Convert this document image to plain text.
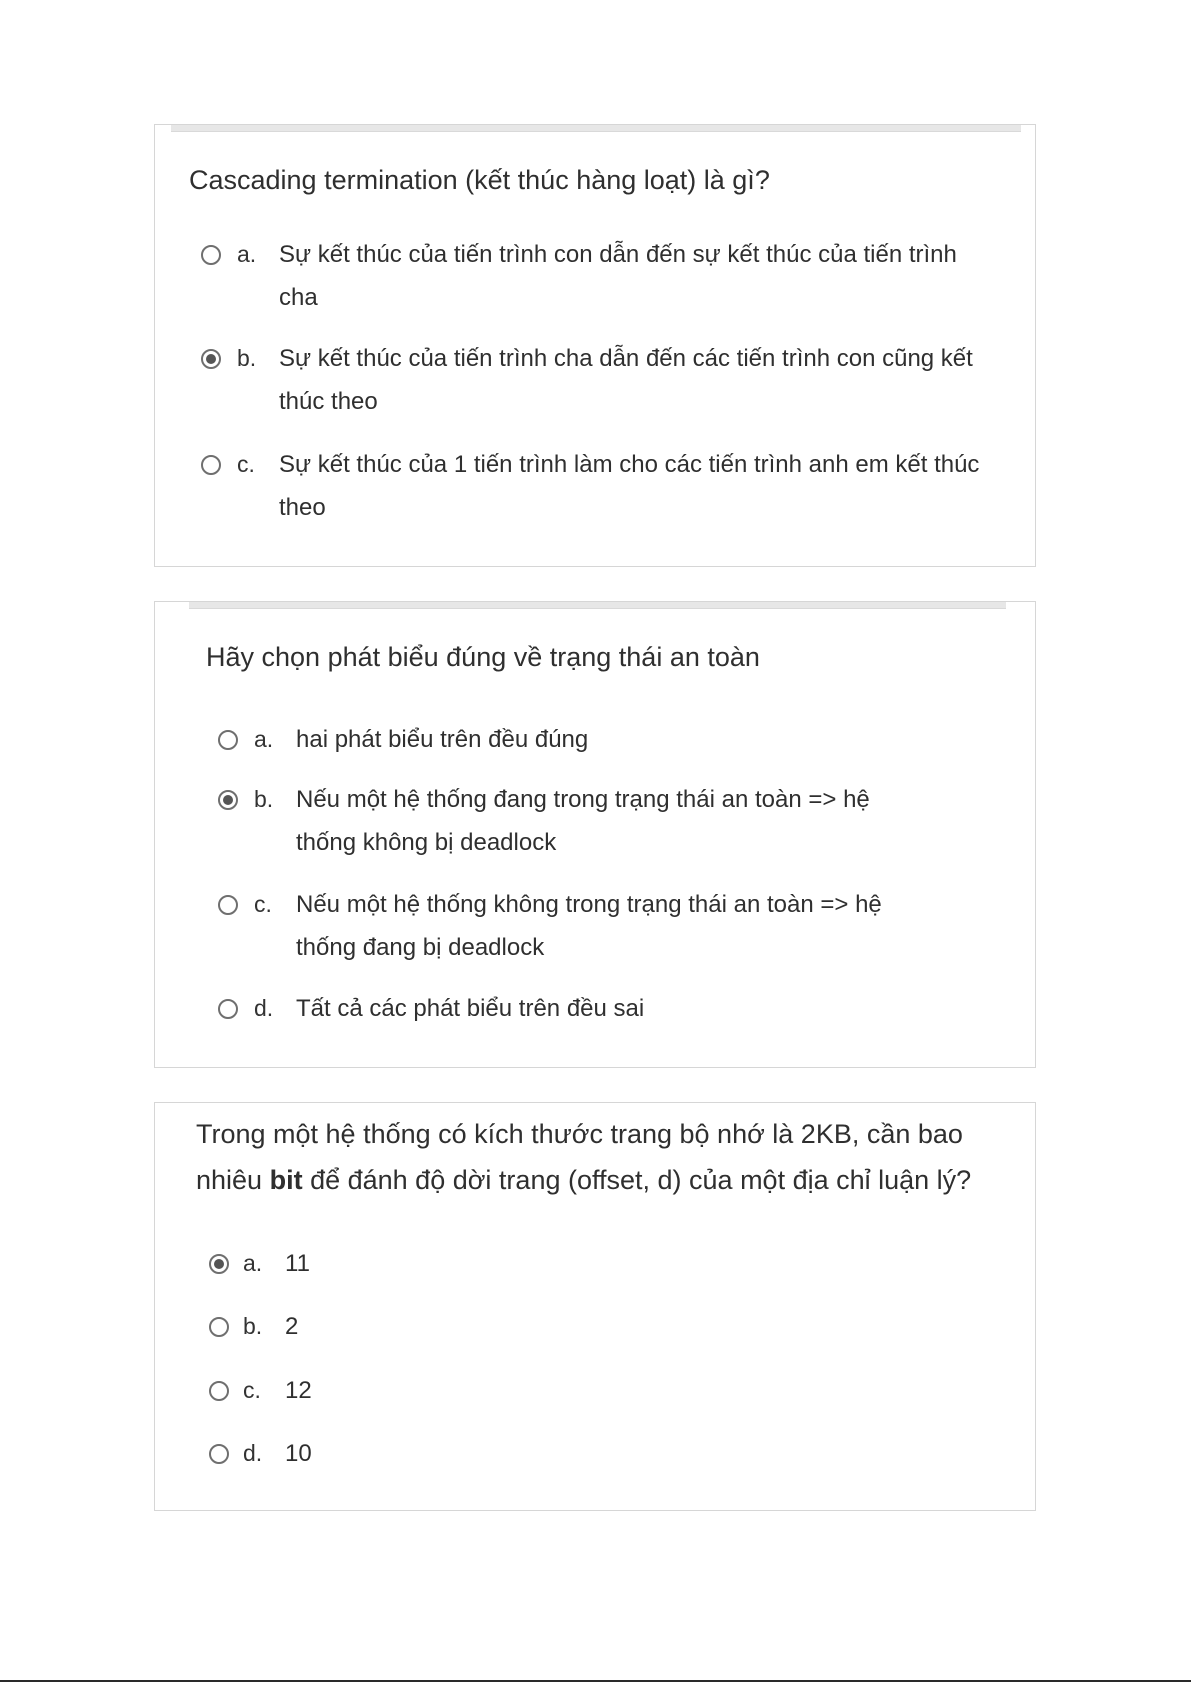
Cascading termination (kết thúc hàng loạt) là gì?

a. Sự kết thúc của tiến trình con dẫn đến sự kết thúc của tiến trình cha
b. Sự kết thúc của tiến trình cha dẫn đến các tiến trình con cũng kết thúc theo
c.	Sự kết thúc của 1 tiến trình làm cho các tiến trình anh em kết thúc theo

Hãy chọn phát biểu đúng về trạng thái an toàn

a. hai phát biểu trên đều đúng
b. Nếu một hệ thống đang trong trạng thái an toàn => hệ thống không bị deadlock
c.	Nếu một hệ thống không trong trạng thái an toàn => hệ thống đang bị deadlock
d. Tất cả các phát biểu trên đều sai

Trong một hệ thống có kích thước trang bộ nhớ là 2KB, cần bao nhiêu bit để đánh độ dời trang (offset, d) của một địa chỉ luận lý?

a. 11
b. 2
c.	12
d. 10
